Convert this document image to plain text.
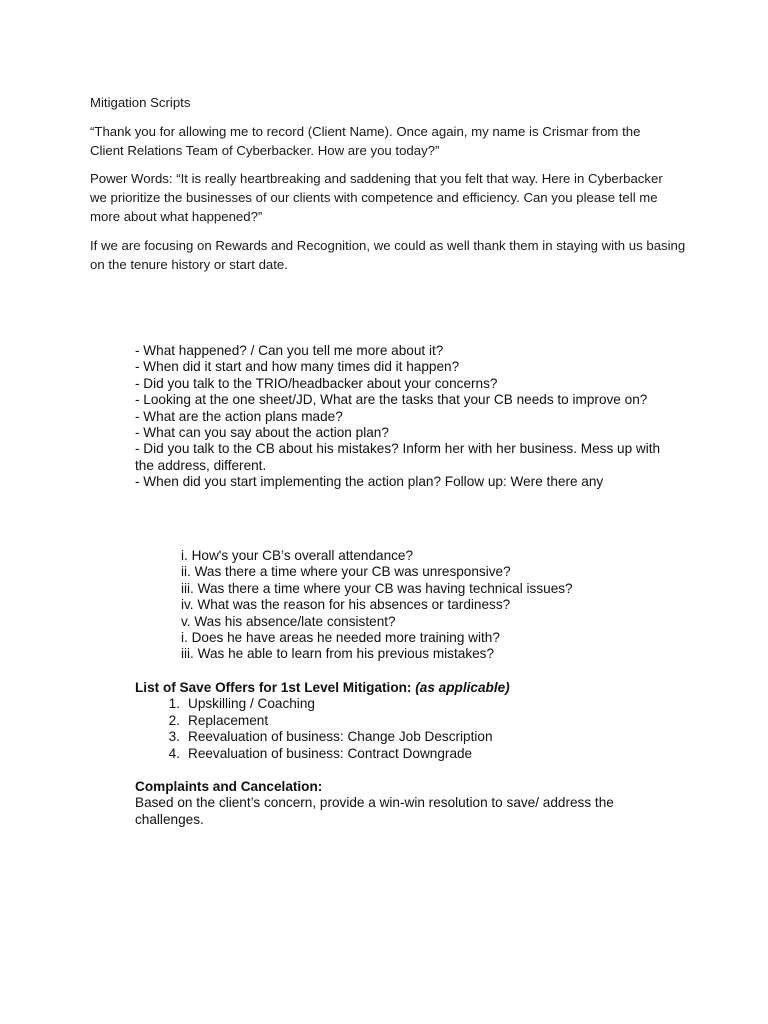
Mitigation Scripts
“Thank you for allowing me to record (Client Name). Once again, my name is Crismar from the Client Relations Team of Cyberbacker. How are you today?”
Power Words: “It is really heartbreaking and saddening that you felt that way. Here in Cyberbacker we prioritize the businesses of our clients with competence and efficiency. Can you please tell me more about what happened?”
If we are focusing on Rewards and Recognition, we could as well thank them in staying with us basing on the tenure history or start date.
- What happened? / Can you tell me more about it?
- When did it start and how many times did it happen?
- Did you talk to the TRIO/headbacker about your concerns?
- Looking at the one sheet/JD, What are the tasks that your CB needs to improve on?
- What are the action plans made?
- What can you say about the action plan?
- Did you talk to the CB about his mistakes? Inform her with her business. Mess up with the address, different.
- When did you start implementing the action plan? Follow up: Were there any
i. How's your CB’s overall attendance?
ii. Was there a time where your CB was unresponsive?
iii. Was there a time where your CB was having technical issues?
iv. What was the reason for his absences or tardiness?
v. Was his absence/late consistent?
i. Does he have areas he needed more training with?
iii. Was he able to learn from his previous mistakes?
List of Save Offers for 1st Level Mitigation: (as applicable)
1. Upskilling / Coaching
2. Replacement
3. Reevaluation of business: Change Job Description
4. Reevaluation of business: Contract Downgrade
Complaints and Cancelation:
Based on the client’s concern, provide a win-win resolution to save/ address the challenges.
